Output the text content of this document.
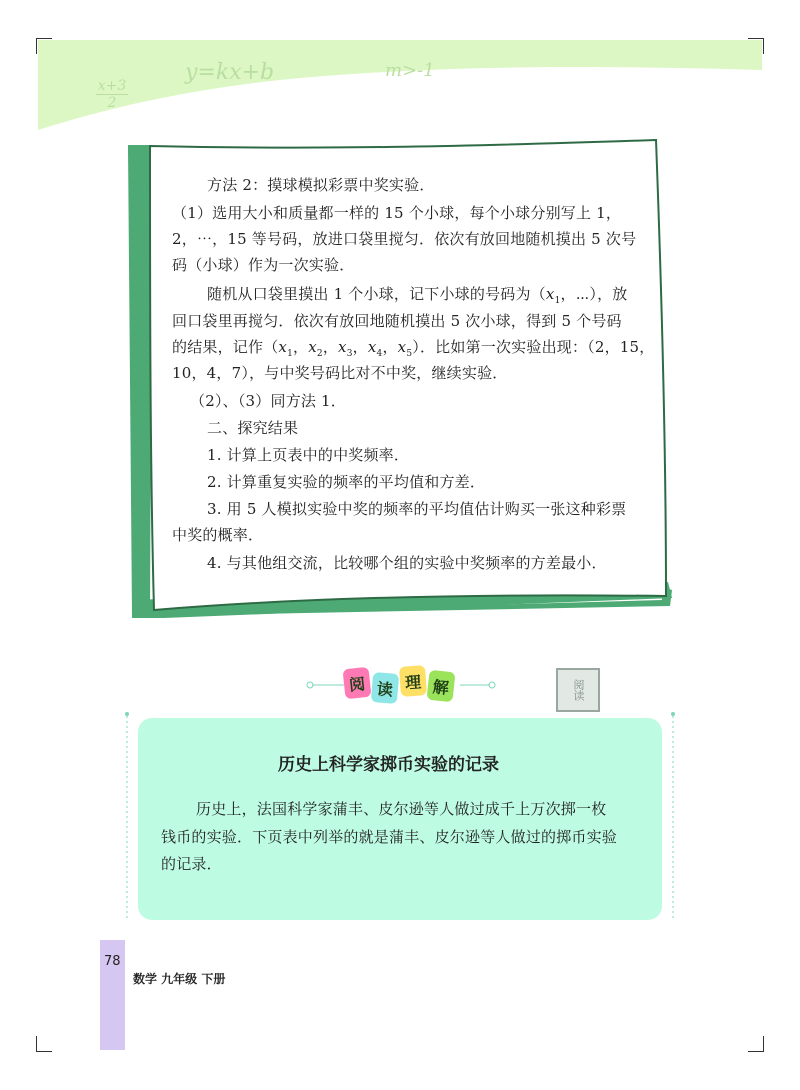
x+3
2
y=kx+b	m>-1
方法 2：摸球模拟彩票中奖实验．
（1）选用大小和质量都一样的 15 个小球，每个小球分别写上 1，
2，⋯，15 等号码，放进口袋里搅匀．依次有放回地随机摸出 5 次号
码（小球）作为一次实验．
随机从口袋里摸出 1 个小球，记下小球的号码为（$x_1$，⋯），放
回口袋里再搅匀．依次有放回地随机摸出 5 次小球，得到 5 个号码
的结果，记作（$x_1$，$x_2$，$x_3$，$x_4$，$x_5$）．比如第一次实验出现：（2，15，
10，4，7），与中奖号码比对不中奖，继续实验．
（2）、（3）同方法 1．
二、探究结果
1. 计算上页表中的中奖频率．
2. 计算重复实验的频率的平均值和方差．
3. 用 5 人模拟实验中奖的频率的平均值估计购买一张这种彩票
中奖的概率．
4. 与其他组交流，比较哪个组的实验中奖频率的方差最小．
阅 读 理 解	阅读
历史上科学家掷币实验的记录
历史上，法国科学家蒲丰、皮尔逊等人做过成千上万次掷一枚
钱币的实验．下页表中列举的就是蒲丰、皮尔逊等人做过的掷币实验
的记录．
78
数学 九年级 下册
